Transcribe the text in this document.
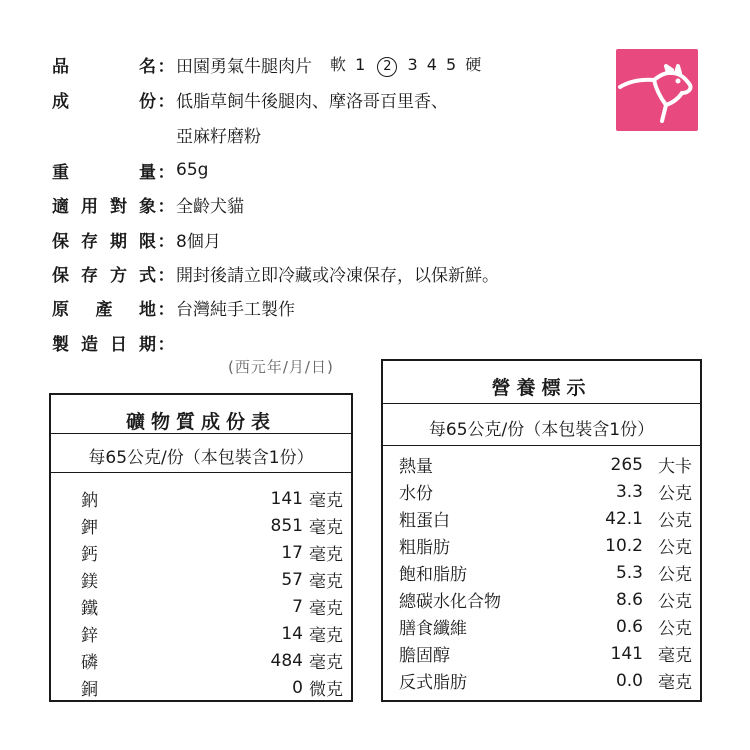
品	名 ： 田園勇氣牛腿肉片 軟 1 2 3 4 5 硬
成	份 ： 低脂草飼牛後腿肉、摩洛哥百里香、
亞麻籽磨粉
重	量 ： 65g
適 用 對 象 ： 全齡犬貓
保 存 期 限 ： 8個月
保 存 方 式 ： 開封後請立即冷藏或冷凍保存，以保新鮮。
原 產 地 ： 台灣純手工製作
製 造 日 期 ：
(西元年/月/日)
礦物質成份表
每65公克/份（本包裝含1份）
鈉	141 毫克
鉀	851 毫克
鈣	17 毫克
鎂	57 毫克
鐵	7 毫克
鋅	14 毫克
磷	484 毫克
銅	0 微克
營養標示
每65公克/份（本包裝含1份）
熱量	265 大卡
水份	3.3 公克
粗蛋白	42.1 公克
粗脂肪	10.2 公克
飽和脂肪	5.3 公克
總碳水化合物	8.6 公克
膳食纖維	0.6 公克
膽固醇	141 毫克
反式脂肪	0.0 毫克
